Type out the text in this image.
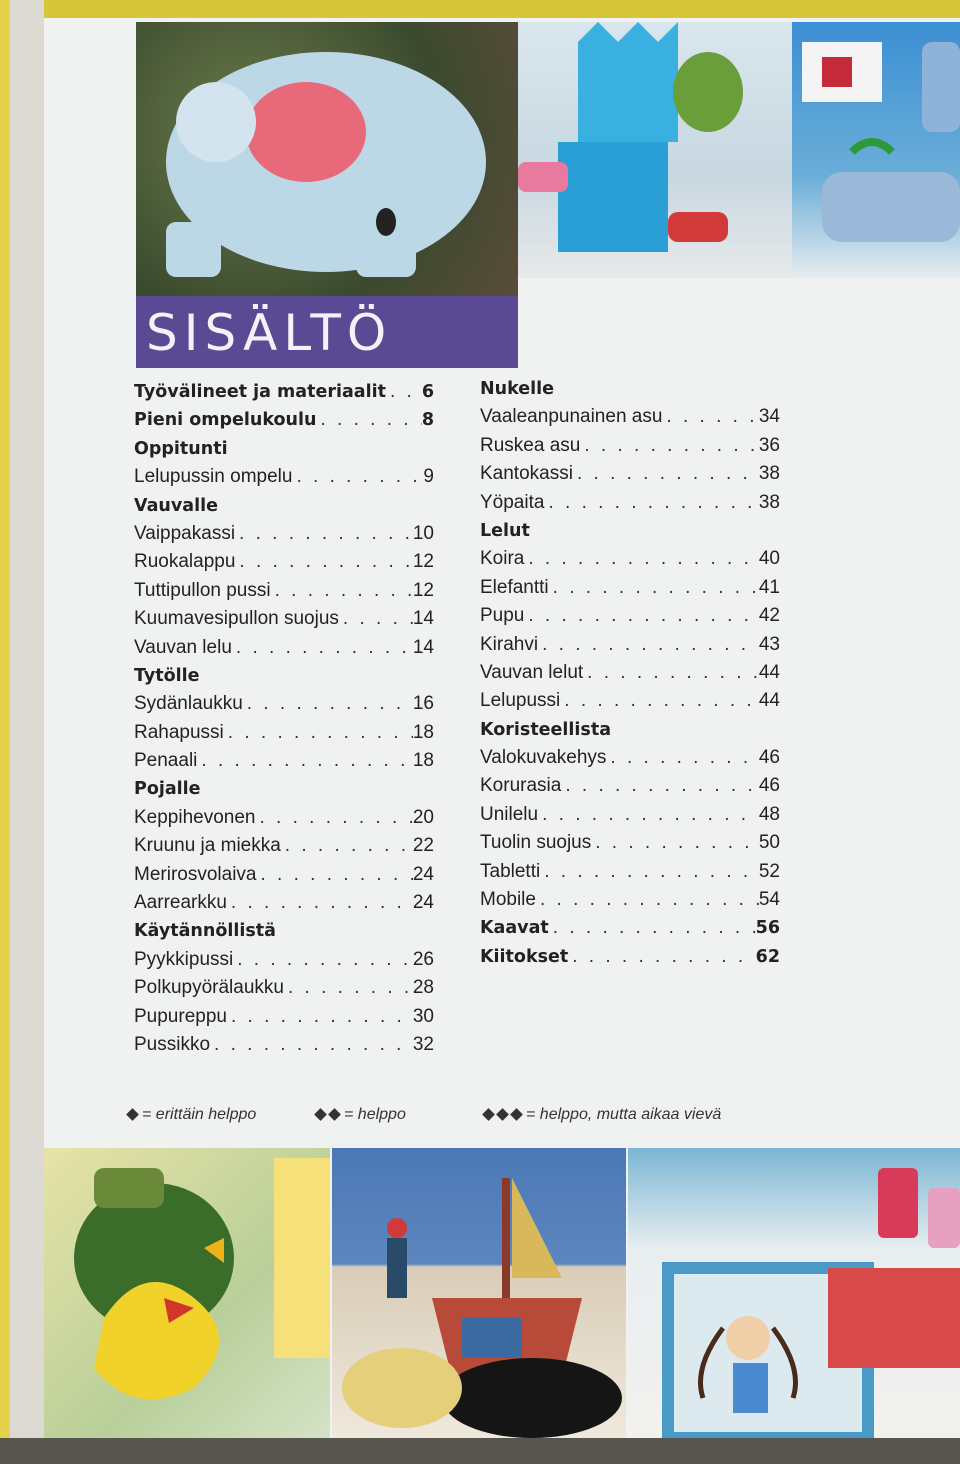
SISÄLTÖ
Työvälineet ja materiaalit . . . 6
Pieni ompelukoulu . . .	8
Oppitunti
Lelupussin ompelu . . .	9
Vauvalle
Vaippakassi . . .	10
Ruokalappu . . .	12
Tuttipullon pussi . . .	12
Kuumavesipullon suojus . . .	14
Vauvan lelu . . .	14
Tytölle
Sydänlaukku . . .	16
Rahapussi . . .	18
Penaali . . .	18
Pojalle
Keppihevonen . . .	20
Kruunu ja miekka . . .	22
Merirosvolaiva . . .	24
Aarrearkku . . .	24
Käytännöllistä
Pyykkipussi . . .	26
Polkupyörälaukku . . .	28
Pupureppu . . .	30
Pussikko . . .	32
Nukelle
Vaaleanpunainen asu . . .	34
Ruskea asu . . .	36
Kantokassi . . .	38
Yöpaita . . .	38
Lelut
Koira . . .	40
Elefantti . . .	41
Pupu . . .	42
Kirahvi . . .	43
Vauvan lelut . . .	44
Lelupussi . . .	44
Koristeellista
Valokuvakehys . . .	46
Korurasia . . .	46
Unilelu . . .	48
Tuolin suojus . . .	50
Tabletti . . .	52
Mobile . . .	54
Kaavat . . .	56
Kiitokset . . .	62
= erittäin helppo	= helppo	= helppo, mutta aikaa vievä
